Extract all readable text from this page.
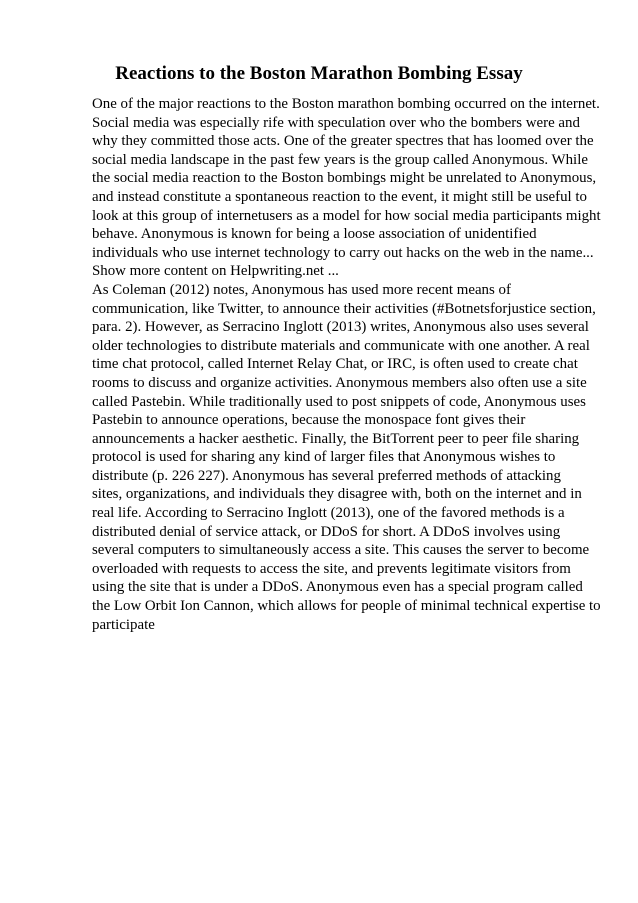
Reactions to the Boston Marathon Bombing Essay
One of the major reactions to the Boston marathon bombing occurred on the internet.
Social media was especially rife with speculation over who the bombers were and
why they committed those acts. One of the greater spectres that has loomed over the
social media landscape in the past few years is the group called Anonymous. While
the social media reaction to the Boston bombings might be unrelated to Anonymous,
and instead constitute a spontaneous reaction to the event, it might still be useful to
look at this group of internetusers as a model for how social media participants might
behave. Anonymous is known for being a loose association of unidentified
individuals who use internet technology to carry out hacks on the web in the name...
Show more content on Helpwriting.net ...
As Coleman (2012) notes, Anonymous has used more recent means of
communication, like Twitter, to announce their activities (#Botnetsforjustice section,
para. 2). However, as Serracino Inglott (2013) writes, Anonymous also uses several
older technologies to distribute materials and communicate with one another. A real
time chat protocol, called Internet Relay Chat, or IRC, is often used to create chat
rooms to discuss and organize activities. Anonymous members also often use a site
called Pastebin. While traditionally used to post snippets of code, Anonymous uses
Pastebin to announce operations, because the monospace font gives their
announcements a hacker aesthetic. Finally, the BitTorrent peer to peer file sharing
protocol is used for sharing any kind of larger files that Anonymous wishes to
distribute (p. 226 227). Anonymous has several preferred methods of attacking
sites, organizations, and individuals they disagree with, both on the internet and in
real life. According to Serracino Inglott (2013), one of the favored methods is a
distributed denial of service attack, or DDoS for short. A DDoS involves using
several computers to simultaneously access a site. This causes the server to become
overloaded with requests to access the site, and prevents legitimate visitors from
using the site that is under a DDoS. Anonymous even has a special program called
the Low Orbit Ion Cannon, which allows for people of minimal technical expertise to
participate
